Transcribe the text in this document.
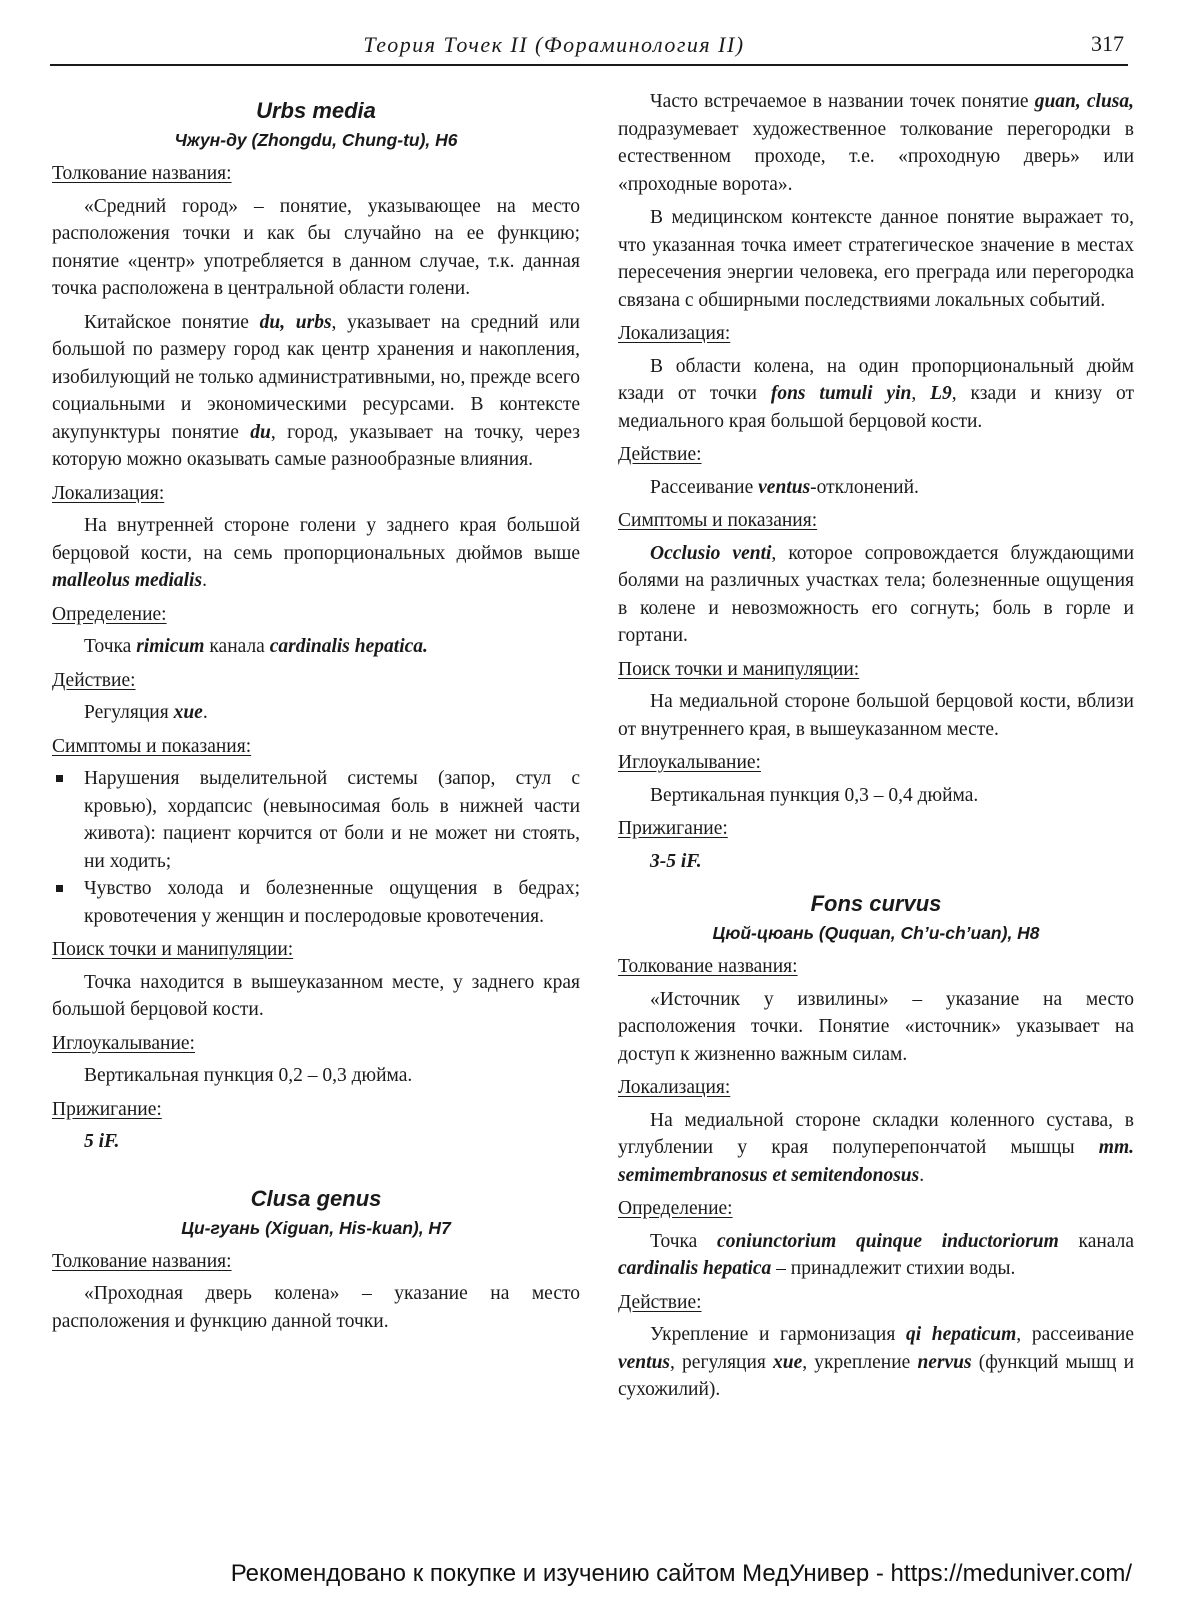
Теория Точек II (Форaминология II)	317

Urbs media

Чжун-ду (Zhongdu, Chung-tu), H6

Толкование названия:

«Средний город» – понятие, указывающее на место расположения точки и как бы случайно на ее функцию; понятие «центр» употребляется в данном случае, т.к. данная точка расположена в центральной области голени.

Китайское понятие du, urbs, указывает на средний или большой по размеру город как центр хранения и накопления, изобилующий не только административными, но, прежде всего социальными и экономическими ресурсами. В контексте акупунктуры понятие du, город, указывает на точку, через которую можно оказывать самые разнообразные влияния.

Локализация:

На внутренней стороне голени у заднего края большой берцовой кости, на семь пропорциональных дюймов выше malleolus medialis.

Определение:

Точка rimicum канала cardinalis hepatica.

Действие:

Регуляция xue.

Симптомы и показания:
Нарушения выделительной системы (запор, стул с кровью), хордапсис (невыносимая боль в нижней части живота): пациент корчится от боли и не может ни стоять, ни ходить;
Чувство холода и болезненные ощущения в бедрах; кровотечения у женщин и послеродовые кровотечения.
Поиск точки и манипуляции:

Точка находится в вышеуказанном месте, у заднего края большой берцовой кости.

Иглоукалывание:

Вертикальная пункция 0,2 – 0,3 дюйма.

Прижигание:

5 iF.

Clusa genus

Ци-гуань (Xiguan, His-kuan), H7

Толкование названия:

«Проходная дверь колена» – указание на место расположения и функцию данной точки.

Часто встречаемое в названии точек понятие guan, clusa, подразумевает художественное толкование перегородки в естественном проходе, т.е. «проходную дверь» или «проходные ворота».

В медицинском контексте данное понятие выражает то, что указанная точка имеет стратегическое значение в местах пересечения энергии человека, его преграда или перегородка связана с обширными последствиями локальных событий.

Локализация:

В области колена, на один пропорциональный дюйм кзади от точки fons tumuli yin, L9, кзади и книзу от медиального края большой берцовой кости.

Действие:

Рассеивание ventus-отклонений.

Симптомы и показания:

Occlusio venti, которое сопровождается блуждающими болями на различных участках тела; болезненные ощущения в колене и невозможность его согнуть; боль в горле и гортани.

Поиск точки и манипуляции:

На медиальной стороне большой берцовой кости, вблизи от внутреннего края, в вышеуказанном месте.

Иглоукалывание:

Вертикальная пункция 0,3 – 0,4 дюйма.

Прижигание:

3-5 iF.

Fons curvus

Цюй-цюань (Ququan, Ch’u-ch’uan), H8

Толкование названия:

«Источник у извилины» – указание на место расположения точки. Понятие «источник» указывает на доступ к жизненно важным силам.

Локализация:

На медиальной стороне складки коленного сустава, в углублении у края полуперепончатой мышцы mm. semimembranosus et semitendonosus.

Определение:

Точка coniunctorium quinque inductoriorum канала cardinalis hepatica – принадлежит стихии воды.

Действие:

Укрепление и гармонизация qi hepaticum, рассеивание ventus, регуляция xue, укрепление nervus (функций мышц и сухожилий).

Рекомендовано к покупке и изучению сайтом МедУнивер - https://meduniver.com/
